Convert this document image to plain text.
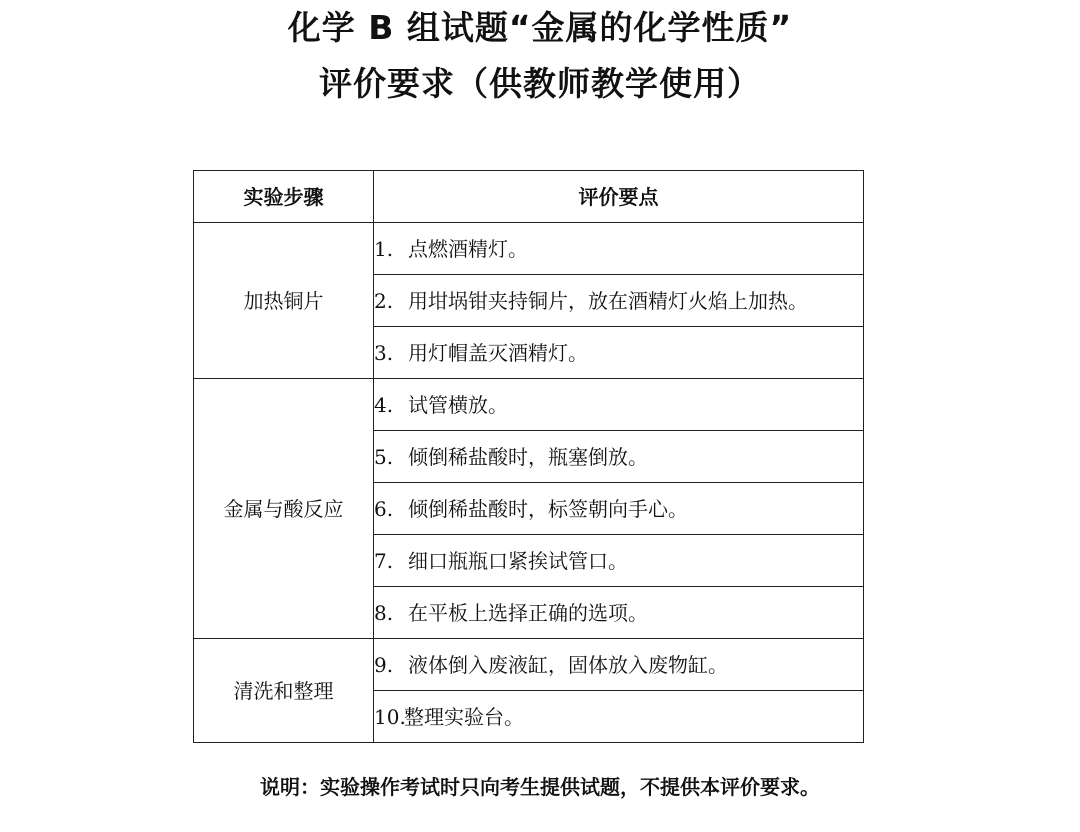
化学 B 组试题“金属的化学性质”
评价要求（供教师教学使用）
实验步骤	评价要点
加热铜片	1. 点燃酒精灯。
	2. 用坩埚钳夹持铜片，放在酒精灯火焰上加热。
	3. 用灯帽盖灭酒精灯。
金属与酸反应	4. 试管横放。
	5. 倾倒稀盐酸时，瓶塞倒放。
	6. 倾倒稀盐酸时，标签朝向手心。
	7. 细口瓶瓶口紧挨试管口。
	8. 在平板上选择正确的选项。
清洗和整理	9. 液体倒入废液缸，固体放入废物缸。
	10.整理实验台。
说明：实验操作考试时只向考生提供试题，不提供本评价要求。
